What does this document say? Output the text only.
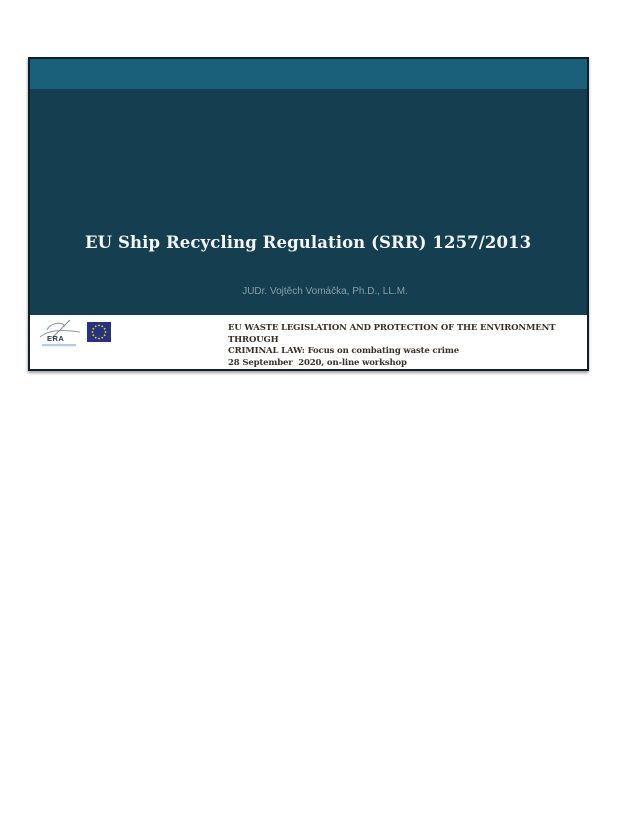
EU Ship Recycling Regulation (SRR) 1257/2013
JUDr. Vojtěch Vomáčka, Ph.D., LL.M.
ERA
EU WASTE LEGISLATION AND PROTECTION OF THE ENVIRONMENT THROUGH
CRIMINAL LAW: Focus on combating waste crime
28 September  2020, on-line workshop
